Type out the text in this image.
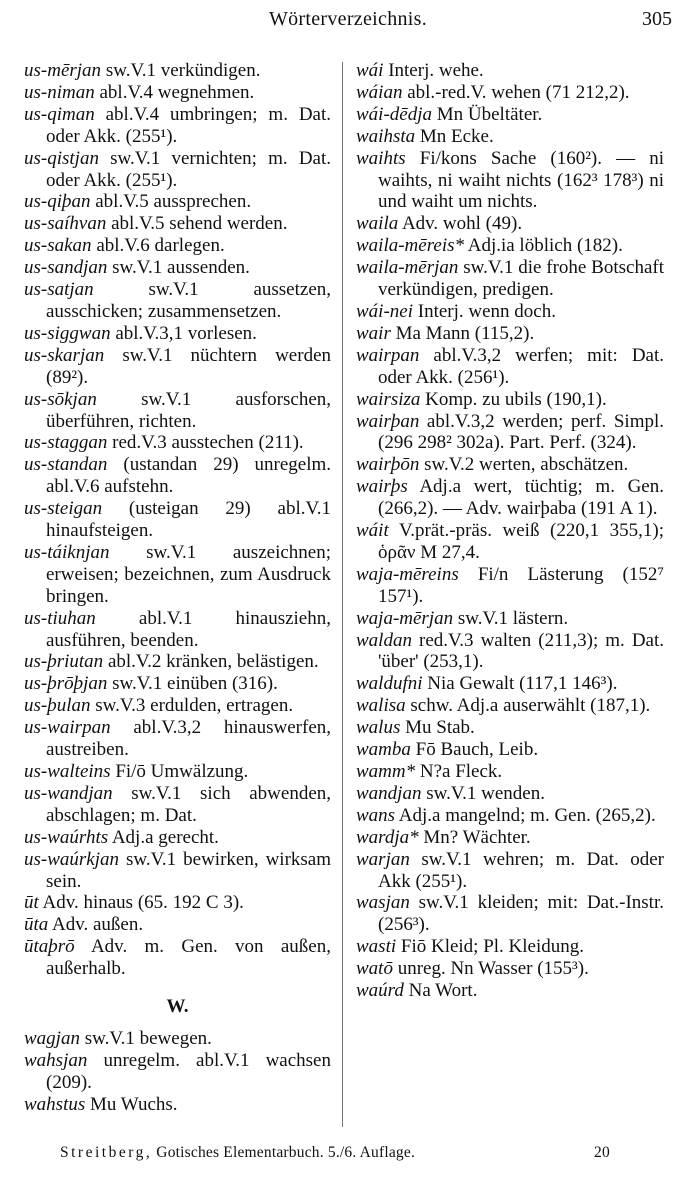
Wörterverzeichnis.	305
us-mērjan sw.V.1 verkündigen.
us-niman abl.V.4 wegnehmen.
us-qiman abl.V.4 umbringen; m. Dat. oder Akk. (255¹).
us-qistjan sw.V.1 vernichten; m. Dat. oder Akk. (255¹).
us-qiþan abl.V.5 aussprechen.
us-saíhvan abl.V.5 sehend werden.
us-sakan abl.V.6 darlegen.
us-sandjan sw.V.1 aussenden.
us-satjan	sw.V.1 aussetzen, ausschicken; zusammensetzen.
us-siggwan abl.V.3,1 vorlesen.
us-skarjan sw.V.1 nüchtern werden (89²).
us-sōkjan sw.V.1 ausforschen, überführen, richten.
us-staggan red.V.3 ausstechen (211).
us-standan (ustandan 29) unregelm. abl.V.6 aufstehn.
us-steigan (usteigan 29) abl.V.1 hinaufsteigen.
us-táiknjan sw.V.1 auszeichnen; erweisen; bezeichnen, zum Ausdruck bringen.
us-tiuhan abl.V.1 hinausziehn, ausführen, beenden.
us-þriutan abl.V.2 kränken, belästigen.
us-þrōþjan sw.V.1 einüben (316).
us-þulan sw.V.3 erdulden, ertragen.
us-wairpan abl.V.3,2 hinauswerfen, austreiben.
us-walteins Fi/ō Umwälzung.
us-wandjan sw.V.1 sich abwenden, abschlagen; m. Dat.
us-waúrhts Adj.a gerecht.
us-waúrkjan sw.V.1 bewirken, wirksam sein.
ūt Adv. hinaus (65. 192 C 3).
ūta Adv. außen.
ūtaþrō Adv. m. Gen. von außen, außerhalb.
W.
wagjan sw.V.1 bewegen.
wahsjan unregelm. abl.V.1 wachsen (209).
wahstus Mu Wuchs.
wái Interj. wehe.
wáian abl.-red.V. wehen (71 212,2).
wái-dēdja Mn Übeltäter.
waihsta Mn Ecke.
waihts Fi/kons Sache (160²). — ni waihts, ni waiht nichts (162³ 178³) ni und waiht um nichts.
waila Adv. wohl (49).
waila-mēreis* Adj.ia löblich (182).
waila-mērjan sw.V.1 die frohe Botschaft verkündigen, predigen.
wái-nei Interj. wenn doch.
wair Ma Mann (115,2).
wairpan abl.V.3,2 werfen; mit: Dat. oder Akk. (256¹).
wairsiza Komp. zu ubils (190,1).
wairþan abl.V.3,2 werden; perf. Simpl. (296 298² 302a). Part. Perf. (324).
wairþōn sw.V.2 werten, abschätzen.
wairþs Adj.a wert, tüchtig; m. Gen. (266,2). — Adv. wairþaba (191 A 1).
wáit V.prät.-präs. weiß (220,1 355,1); ὁρᾶν M 27,4.
waja-mēreins Fi/n Lästerung (152⁷ 157¹).
waja-mērjan sw.V.1 lästern.
waldan red.V.3 walten (211,3); m. Dat. 'über' (253,1).
waldufni Nia Gewalt (117,1 146³).
walisa schw. Adj.a auserwählt (187,1).
walus Mu Stab.
wamba Fō Bauch, Leib.
wamm* N?a Fleck.
wandjan sw.V.1 wenden.
wans Adj.a mangelnd; m. Gen. (265,2).
wardja* Mn? Wächter.
warjan sw.V.1 wehren; m. Dat. oder Akk (255¹).
wasjan sw.V.1 kleiden; mit: Dat.-Instr. (256³).
wasti Fiō Kleid; Pl. Kleidung.
watō unreg. Nn Wasser (155³).
waúrd Na Wort.
Streitberg, Gotisches Elementarbuch. 5./6. Auflage.	20
